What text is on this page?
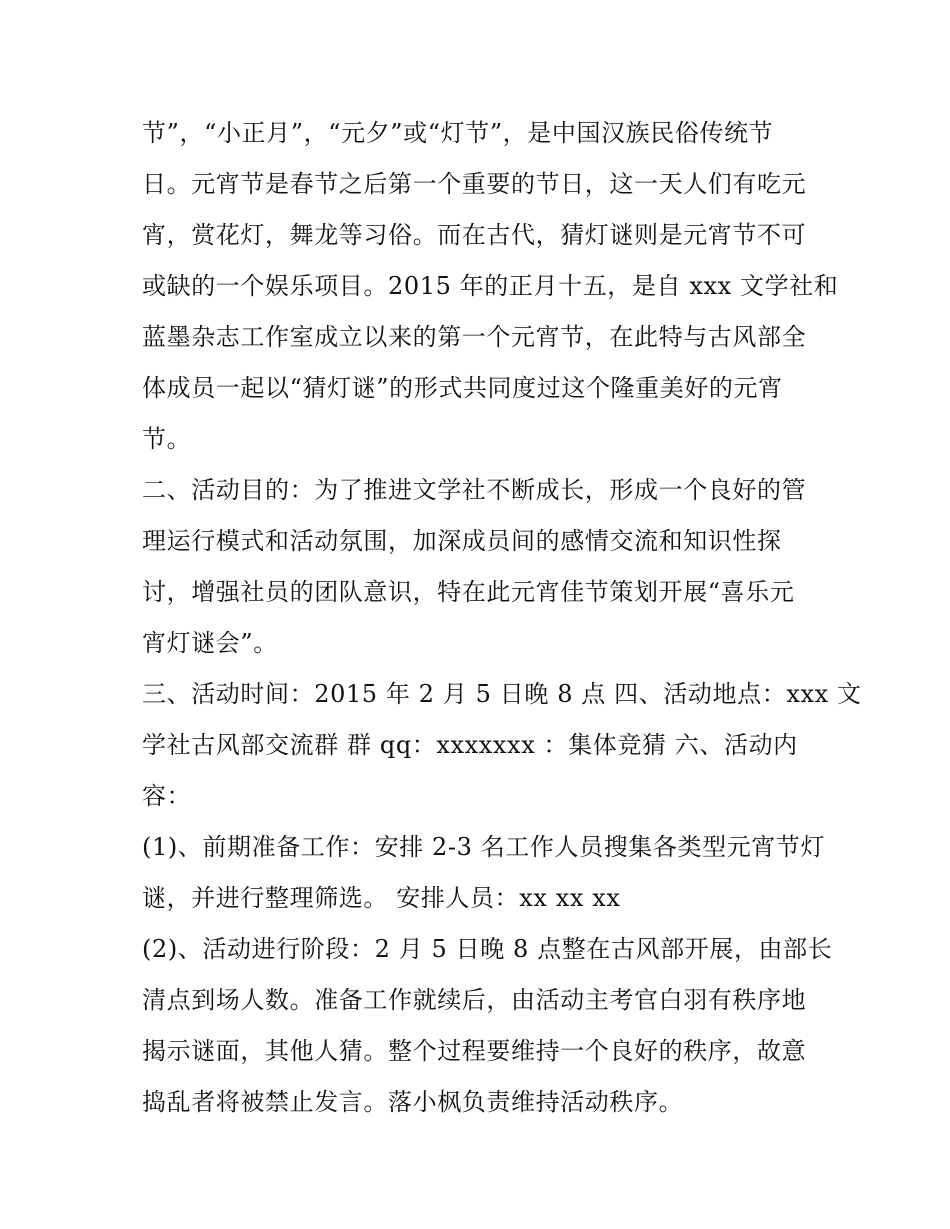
节”，“小正月”，“元夕”或“灯节”，是中国汉族民俗传统节
日。元宵节是春节之后第一个重要的节日，这一天人们有吃元
宵，赏花灯，舞龙等习俗。而在古代，猜灯谜则是元宵节不可
或缺的一个娱乐项目。2015 年的正月十五，是自 xxx 文学社和
蓝墨杂志工作室成立以来的第一个元宵节，在此特与古风部全
体成员一起以“猜灯谜”的形式共同度过这个隆重美好的元宵
节。
二、活动目的：为了推进文学社不断成长，形成一个良好的管
理运行模式和活动氛围，加深成员间的感情交流和知识性探
讨，增强社员的团队意识，特在此元宵佳节策划开展“喜乐元
宵灯谜会”。
三、活动时间：2015 年 2 月 5 日晚 8 点 四、活动地点：xxx 文
学社古风部交流群 群 qq：xxxxxxx ：集体竞猜 六、活动内
容：
(1)、前期准备工作：安排 2-3 名工作人员搜集各类型元宵节灯
谜，并进行整理筛选。 安排人员：xx xx xx
(2)、活动进行阶段：2 月 5 日晚 8 点整在古风部开展，由部长
清点到场人数。准备工作就续后，由活动主考官白羽有秩序地
揭示谜面，其他人猜。整个过程要维持一个良好的秩序，故意
捣乱者将被禁止发言。落小枫负责维持活动秩序。
